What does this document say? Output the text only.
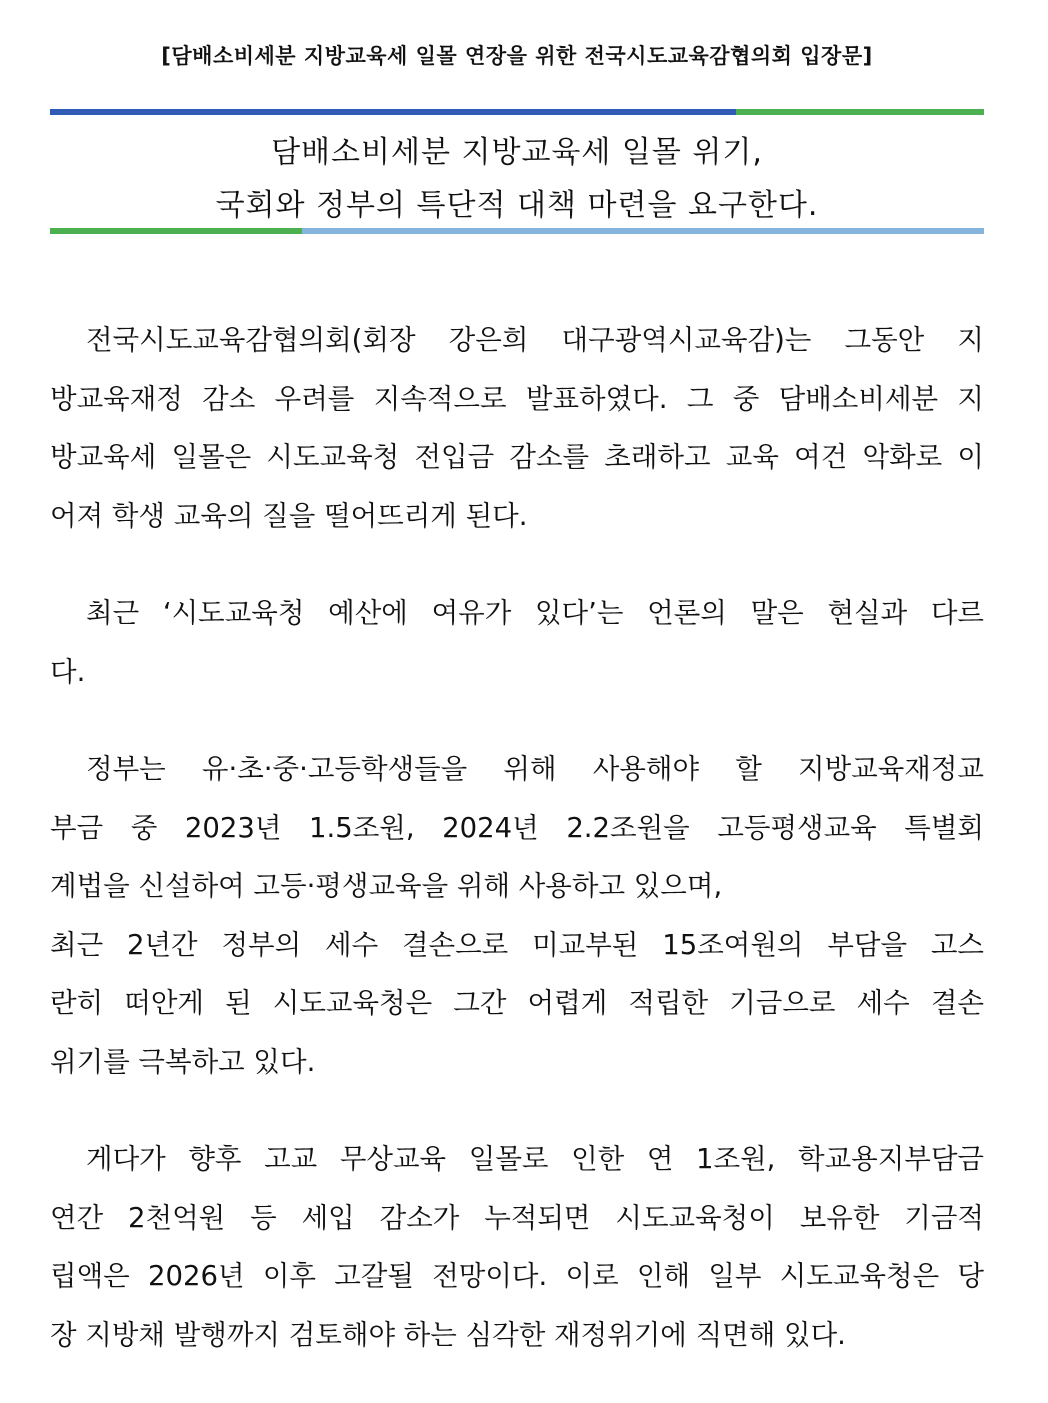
[담배소비세분 지방교육세 일몰 연장을 위한 전국시도교육감협의회 입장문]
담배소비세분 지방교육세 일몰 위기,
국회와 정부의 특단적 대책 마련을 요구한다.
전국시도교육감협의회(회장 강은희 대구광역시교육감)는 그동안 지
방교육재정 감소 우려를 지속적으로 발표하였다. 그 중 담배소비세분 지
방교육세 일몰은 시도교육청 전입금 감소를 초래하고 교육 여건 악화로 이
어져 학생 교육의 질을 떨어뜨리게 된다.
최근 ‘시도교육청 예산에 여유가 있다’는 언론의 말은 현실과 다르
다.
정부는 유·초·중·고등학생들을 위해 사용해야 할 지방교육재정교
부금 중 2023년 1.5조원, 2024년 2.2조원을 고등평생교육 특별회
계법을 신설하여 고등·평생교육을 위해 사용하고 있으며,
최근 2년간 정부의 세수 결손으로 미교부된 15조여원의 부담을 고스
란히 떠안게 된 시도교육청은 그간 어렵게 적립한 기금으로 세수 결손
위기를 극복하고 있다.
게다가 향후 고교 무상교육 일몰로 인한 연 1조원, 학교용지부담금
연간 2천억원 등 세입 감소가 누적되면 시도교육청이 보유한 기금적
립액은 2026년 이후 고갈될 전망이다. 이로 인해 일부 시도교육청은 당
장 지방채 발행까지 검토해야 하는 심각한 재정위기에 직면해 있다.
